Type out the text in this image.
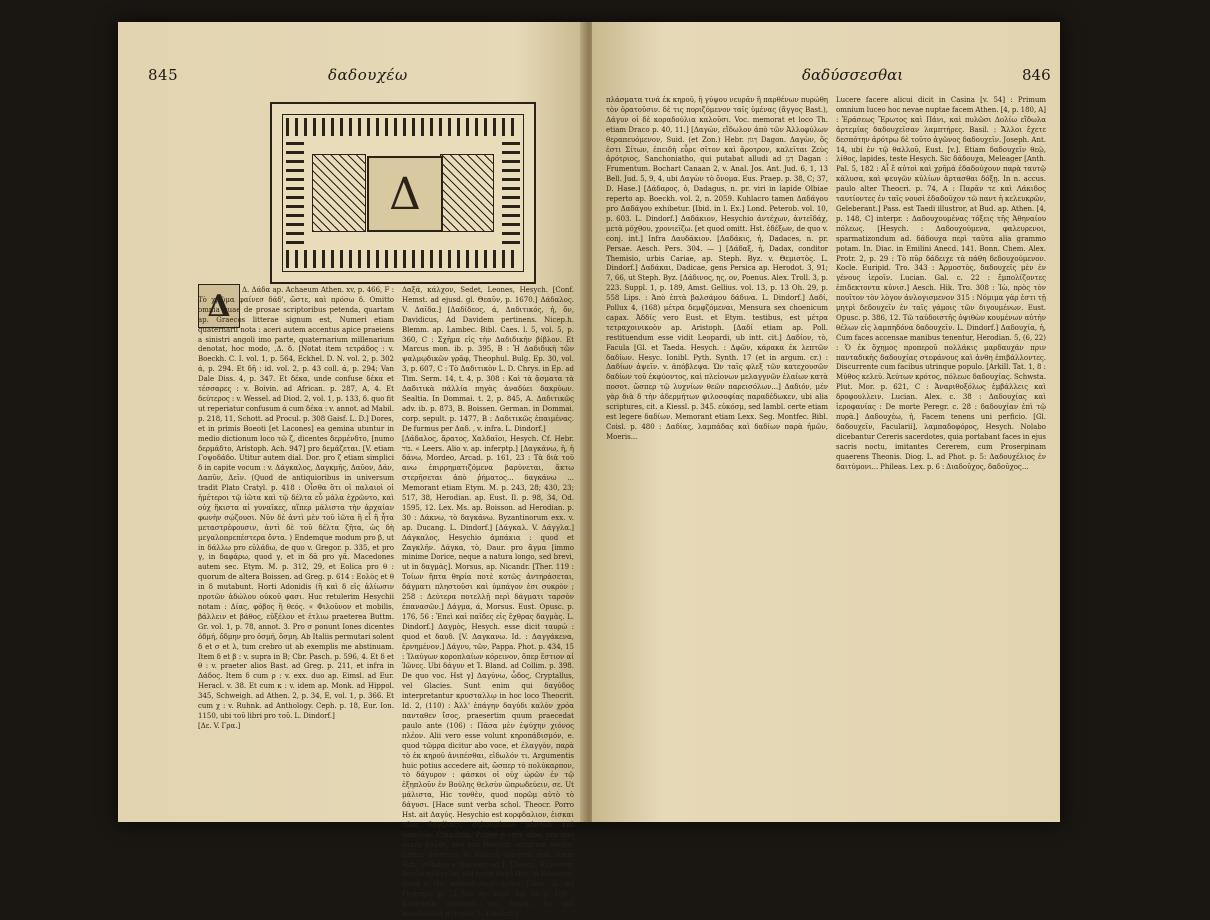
845	δαδουχέω
Δ
Δ	Δ. Δάδα ap. Achaeum Athen. xv, p. 466, F : Τὸ χρῶμα φαίνεσ δάδ', ὥστε, καὶ πρόσω δ. Omitto omnia quae de prosae scriptoribus petenda, quartam ap. Graecos litterae signum est, Numeri etiam quaternarii nota : aceri autem accentus apice praeiens a sinistri angoli imo parte, quaternarium millenarium denotat, hoc modo, ,Δ. δ. [Notat item τετράδος : v. Boeckh. C. I. vol. 1, p. 564, Eckhel. D. N. vol. 2, p. 302 ά, p. 294. Et δῆ : id. vol. 2, p. 43 coll. ά, p. 294; Van Dale Diss. 4, p. 347. Et δέκα, unde confuse δέκα et τέσσαρες : v. Boivin. ad African. p. 287, A, 4. Et δεύτερος : v. Wessel. ad Diod. 2, vol. 1, p. 133, δ. quo fit ut reperiatur confusum ά cum δέκα : v. annot. ad Mabil. p. 218, 11, Schott. ad Procul. p. 308 Gaisf. L. D.] Dores, et in primis Boeoti [et Lacones] ea gemina utuntur in medio dictionum loco τῶ ζ, dicentes δερμένδτο, [numo δερμάδτο, Aristoph. Ach. 947] pro δεμάζεται. [V. etiam Γοψοδάδο. Utitur autem dial. Dor. pro ζ etiam simplici δ in capite vocum : v. Δάγκαλος, Δαγκμῆς, Δαῦον, Δάν, Δαπῦν, Δεῖν. (Quod de antiquioribus in universum tradit Plato Cratyl. p. 418 : Οἶσθα ὅτι οἱ παλαιοὶ οἱ ἡμέτεροι τῷ ἰῶτα καὶ τῷ δέλτα εὖ μάλα ἐχρῶντο, καὶ οὐχ ἥκιστα αἱ γυναῖκες, αἵπερ μάλιστα τὴν ἀρχαίαν φωνὴν σῴζουσι. Νῦν δὲ ἀντὶ μὲν τοῦ ἰῶτα ἢ εἶ ἢ ἦτα μεταστρέφουσιν, ἀντὶ δὲ τοῦ δέλτα ζῆτα, ὡς δὴ μεγαλοπρεπέστερα ὄντα. ) Endemque modum pro β, ut in δάλλω pro εὐλάδω, de quo v. Gregor. p. 335, et pro γ, in δαφάρω, quod γ, et in δᾶ pro γᾶ. Macedones autem sec. Etym. M. p. 312, 29, et Eolica pro θ : quorum de altera Boissen. ad Greg. p. 614 : Εολὸς et θ in δ mutabunt. Horti Adonidis (ἢ καὶ δ εἰς ἁλίωσιν προτῶν ἀδώλου οὐκοῦ φασι. Huc retulerim Hesychii notam : Δίας, φόβος ἢ θεός. « Φιλοῦνον et mobilis, βάλλειν et βάθος, εὐξέλον et ἐτλιω praeterea Buttm. Gr. vol. 1, p. 78, annot. 3. Pro σ ponunt Iones dicentes ὀδμή, ὄδμην pro ὀσμή, ὄσμη. Ab Italiis permutari solent δ et σ et λ, tum crebro ut ab exemplis me abstinuam. Item δ et β : v. supra in B; Cbr. Pasch. p. 596, 4. Et δ et θ : v. praeter alios Bast. ad Greg. p. 211, et infra in Δάδος. Item δ cum ρ : v. exx. duo ap. Eimsl. ad Eur. Heracl. v. 38. Et cum κ : v. idem ap. Monk. ad Hippol. 345, Schweigh. ad Athen. 2, p. 34, E, vol. 1, p. 366. Et cum χ : v. Ruhnk. ad Anthology. Ceph. p. 18, Eur. Ion. 1150, ubi τοῦ libri pro τοῦ. L. Dindorf.]

[Δε. V. Γρα.]

Δαξά, κάλχον, Sedet, Leones, Hesych. [Conf. Hemst. ad ejusd. gl. Θεαῦν, p. 1670.] Δάδαλος. V. Δαῖδα.] [Δαδίδεος, ά, Δαδιτικός, ἡ, ὄν, Davidicus, Ad Davidem pertinens. Nicep.h. Blemm. ap. Lambec. Bibl. Caes. l. 5, vol. 5, p. 360, C : Σχῆμα εἰς τὴν Δαδιδικὴν βίβλον. Et Marcus mon. ib. p. 395, B : Ἡ Δαδιδικὴ τῶν ψαλμῳδικῶν γρᾶφ, Theophul. Bulg. Ep. 30, vol. 3, p. 607, C : Τὸ Δαδιτικὸν L. D. Chrys. in Ep. ad Tim. Serm. 14, t. 4, p. 308 : Καὶ τὰ ᾄσματα τὰ Δαδιτικὰ πάλλία πηγὰς ἀναδύει δακρύων. Sealtia. In Dommai. t. 2, p. 845, A. Δαδιτικῶς adv. ib. p. 873, B. Boissen. German. in Dommai. corp. sepult. p. 1477, B : Δαδιτικῶς ἐπαιμένας. De furmus per Δαδ. , v. infra. L. Dindorf.]

[Δάδαλος, ἄρατος, Χαλδαῖοι, Hesych. Cf. Hebr. בּוֹר. « Leers. Alio v. ap. inferptp.] [Δαγκάνω, ἡ, ἡ δάνω, Mordeo, Arcad. p. 161, 23 : Τὰ διὰ τοῦ ανω ἐπιρρηματιζόμενα βαρύνεται, ἄκτω στερῆσεται ἀπὸ ῥήματος... δαγκάνω ... Memorant etiam Etym. M. p. 243, 28; 430, 23; 517, 38, Herodian. ap. Eust. Il. p. 98, 34, Od. 1595, 12. Lex. Ms. ap. Boisson. ad Herodian. p. 30 : Δάκνω, τὸ δαγκάνω. Byzantinorum exx. v. ap. Ducang. L. Dindorf.] [Δάγκαλ. V. Δάγγλα.] Δάγκαλος, Hesychio ἀμπάκια : quod et Ζαγκλῆν. Δάγκα, τὸ, Daur. pro ἄγμα [immo minime Dorice, neque a natura longo, sed brevi, ut in δαγμὰς]. Morsus, ap. Nicandr. [Ther. 119 : Τοίων ἥπτα θηρία ποτὲ κοτῶς ἀντηράσεται, δάγματι πληστοῦσι καὶ ὑμπάγον ἐσι συκρὸν ; 258 : Δεύτερα ποτελλῇ περὶ δάγματι ταρσὸν ἐπανασῶν.] Δάγμα, ά, Morsus. Eust. Opusc. p. 176, 56 : Ἐπεὶ καὶ παῖδες εἰς ἔχθρας δαγμὰς. L. Dindorf.] Δαγμὸς, Hesych. esse dicit ταυρώ : quod et δαυδ. [V. Δαγκανω. Id. : Δαγγάκενα, ἐρνημένον.] Δάγνυ, τῶν, Pappa. Phot. p. 434, 15 : Ἰλαύγων κοροπλαίων κόρεινον, ὅπερ ἔστιον αἱ Ἰῶνες. Ubi δάγυν et Ἰ. Bland. ad Collim. p. 398. De quo voc. Hst γ] Δαγύνω, ὧδος, Cryptallus, vel Glacies. Sunt enim qui δαγύδος interpretantur κρυσταλλῳ in hoc loco Theocrit. Id. 2, (110) : Ἀλλ' ἐπάγην δαγύδι καλὸν χρόα πανταθεν ἴσος, praesertim quum praecedat paulo ante (106) : Πᾶσα μὲν ἐψύχην χιόνος πλέον. Alii vero esse volunt κηροπάδισμόν, e. quod τῶμρα dicitur abo voce, et ἐλαγγὸν, παρὰ τὸ ἐκ κηροῦ ἀνιπέσθαι, εἰδωλόν τι. Argumentis huic potius accedere ait, ὥσπερ τὸ πολύκαρπον, τὸ δάγυρον : φάσκοι οἱ οὐχ ὡρῶν ἐν τῷ ἐξηπλοῦν ἐν Βούλης θελσὺν ὥπρωδεύειν, σε. Ut μάλιστα, Hic τονθὲν, quod πορῶμ αὐτὸ τὸ δάγυσι. [Hace sunt verba schol. Theocr. Porro Hst. ait Δαγύς. Hesychio est κορφδαλιον, ἐισκαι τῶνι δαγέλοςι, σηλουμένων μάντων καὶ νεανίων. Cinaillum, Puppe e cera alba, pro quo supra δαγὸς, sed hoc Hesych. scriptum melior. [immo deterius, ut dudum viderunt inst. Idem Hst., collatus a Valcken. ad I. Theocr., Κόγοσας; δοτῶν πλαγγῶν, ubi recte δαγῦ Hst. in Κόγοσας, quod v. His addunt Angl. schol. Clem. Al. ad Protrept. p. 51 Ms. ap. Bast. Ep. cr. p. 196 : Κοραδοῖα καλοῦσι τὰς δάγυς, ἃς καὶ κοροδούλια μέτιμον. L. Dindorf.]

846
δαδύσσεσθαι

πλάσματα τινά ἐκ κηροῦ, ἢ γύψου νευρᾶν ἢ παρθένων πυρώθη τὸν ὀρατοῦσιν. δὲ τις ποριζόμενον ταῖς ὑμένας (ἄγγος Bast.), Δάγυν οἱ δὲ κοραδούλια καλοῦσι. Voc. memorat et loco Th. etiam Draco p. 40, 11.] [Δαγών, εἴδωλον ἀπὸ τῶν Ἀλλοφύλων θεραπευόμενον, Suid. (et Zon.) Hebr. דָּגוֹן Dagon. Δαγὼν, ὅς ἐστι Σίτων, ἐπειδὴ εὗρε σῖτον καὶ ἄροτρον, καλεῖται Ζεὺς ἀρότριος, Sanchoniatho, qui putabat alludi ad דָּגָן Dagan : Frumentum. Bochart Canaan 2, v. Anal. Jos. Ant. Jud. 6, 1, 13 Bell. Jud. 5, 9, 4, ubi Δαγὼν τὸ ὄνομα. Eus. Praep. p. 38, C; 37, D. Hase.] [Δάδαρος, ὁ, Dadagus, n. pr. viri in lapide Olbiae reperto ap. Boeckh. vol. 2, n. 2059. Kuhlacro tamen Δαδάγου pro Δαδάγου exhibetur. [Ibid. in l. Ex.] Lond. Peterob. vol. 10, p. 603. L. Dindorf.] Δαδάκιον, Hesychio ἀντέχων, ἀντεῖδάχ, μετὰ μόχθου, χρονιεῖζω. [et quod omitt. Hst. ἐδέξων, de quo v. conj. int.] Infra Δαυδάκιον. [Δαδάκις, ἡ, Dadaces, n. pr. Persae. Aesch. Pers. 304. — ] [Δάδαξ, ἡ, Dadax, conditor Themisio, urbis Cariae, ap. Steph. Byz. v. Θεμιστὸς. L. Dindorf.] Δαδάκαι, Dadicae, gens Persica ap. Herodot. 3, 91; 7, 66, ut Steph. Byz. [Δάδινος, ης, ον, Poenus. Alex. Troll. 3, p. 223. Suppl. 1, p. 189, Amst. Gellius. vol. 13, p. 13 Oh. 29, p. 558 Lips. : Ἀπὸ ἐπτὰ βαλσάμου δάδινα. L. Dindorf.] Δαδί, Pollux 4, (168) μέτρα δεμφζόμεναι, Mensura sex choenicum capax. Ἀδδίς vero Eust. et Etym. testibus, est μέτρα τετραχοινικοὸν ap. Aristoph. [Δαδί etiam ap. Poll. restituendum esse vidit Leopardi, ub intt. cit.] Δαδίον, τὸ, Facula [Gl. et Taeda. Hesych. : Δφῶν, κάρακα ἐκ λεπτῶν δαδίων. Hesyc. Ionibl. Pyth. Synth. 17 (et in argum. cr.) : Δαδίων ἀψεῖν. v. ἀπόβλεψα. Ὡν ταῖς φλεξ τῶν κατεχουσῶν δαδίων τοῦ ἐκφύοντος, καὶ πλείονων μελαγγνῶν ἐλαίων κατὰ ποσοτ. ὥσπερ τῷ λυχνίων θεῶν παρεισόλων...] Δαδιόν, μέν γὰρ διὰ δ τὴν ἀδερμήτων φιλοσοφίας παραδέδωκεν, ubi alia scriptures, cit. a Kiessl. p. 345. εὐκόσμ, sed Iambl. certe etiam est legere δαδίων. Memorant etiam Lexx. Seg. Montfec. Bibl. Coisl. p. 480 : Δαδίας, λαμπάδας καὶ δαδίων παρὰ ἠμῶν, Moeris...

Lucere facere alicui dicit in Casina [v. 54] : Primum omnium luceo hoc nevae nuptae facem Athen. [4, p. 180, A] : Ἐράσεως Ἔρωτος καὶ Πάνι, καὶ πυλῶσι Δολίω εἴδωλα ἀρτεμίας δαδουχεῖσαν λαμπτήρες. Basil. : Ἄλλοι ἔχετε δεσπότην ἀρότρω δὲ τοῦτο ἀγῶνος δαδουχεῖν. Joseph. Ant. 14, ubi ἐν τῷ θαλλοῦ, Eust. [v.]. Etiam δαδουχεῖν θεῷ, λίθος, lapides, teste Hesych. Sic δάδουχα, Meleager [Anth. Pal. 5, 182 : Αἶ ἔ αὐτοὶ καὶ χρῆμά ἐδαδούχουν παρὰ ταυτῷ κάλυσα, καὶ ψευγῶν κὐλίων ἄρτασθαι δόξῃ. In n. accus. paulo alter Theocri. p. 74, A : Παρᾶν τε καὶ Λάκιδος ταυτίοντες ἐν ταῖς νουσὶ ἐδαδοῦχον τῶ παντ ἡ κελευκρῶν, Geleberant.] Pass. est Taedi illustror, at Bud. ap. Athen. [4, p. 148, C] interpr. : Δαδουχουμένας τόξεις τῆς Ἀθηναίου πόλεως. [Hesych. : Δαδουχούμενα, φαλευρενοι, sparmatizondum ad. δάδουχα περὶ ταῦτα alia grammo potam. In. Diac. in Emilini Anecd. 141. Bonn. Chem. Alex. Protr. 2, p. 29 : Τὸ πῦρ δάδειχε τὰ πάθη δεδουχούμενον. Kocle. Euripid. Tro. 343 : Ἀρμοστὸς, δαδουχεῖς μὲν ἐν γένους ἱεροῖν. Lucian. Gal. c. 22 : ἔμπολίζοντες ἐπιδεκτοντα κὐνισ.] Aesch. Hik. Tro. 308 : Ἰὼ, πρὸς τὸν πουῖτον τὸν λὸγον ἀνλογισμενον 315 : Νόμιμα γὰρ ἐστι τῇ μητρὶ δεδουχεῖν ἐν ταῖς γάμοις τῶν διγουμένων. Eust. Opusc. p. 386, 12. Tῶ ταὐδοιστῆς ὀψιθὼν κουμένων αὐτὴν θέλων εἰς λαμπηδόνα δαδουχεῖν. L. Dindorf.] Δαδουχία, ἡ, Cum faces accensae manibus tenentur, Herodian. 5, (6, 22) : Ὁ ἐκ ὄχημος προπεροῦ πολλάκις μαρδαυχάν πριν πανταδικὴς δαδουχίας στεφάνους καὶ ἀνθη ἐπιβάλλοντες. Discurrente cum facibus utrinque populo. [Arkill. Tat. 1, 8 : Μύθος κελεύ. Ἀεύτων κρότος, πόλεωc δαδουχίας. Schwsta. Plut. Mor. p. 621, C : Ἀναριθοξόλως ἐμβάλλεις καὶ δροφουλλειν. Lucian. Alex. c. 38 : Δαδουχίας καὶ ἱεροφανίας : De morte Peregr. c. 28 : δαδουχίαν ἐπὶ τῷ πυρὰ.] Δαδουχέω, ἡ, Facem tenens uni perficio. [Gl. δαδουχεῖν, Facularii], λαμπαδοφόρος, Hesych. Nolabo dicebantur Cereris sacerdotes, quia portabant faces in ejus sacris noctu, imitantes Cererem, cum Proserpinam quaerens Theonis. Diog. L. ad Phot. p. 5: Δαδουχέλιος ἐν δαιτύμονι... Phileas. Lex. p. 6 : Διαδοῦχος, δαδοῦχος...
